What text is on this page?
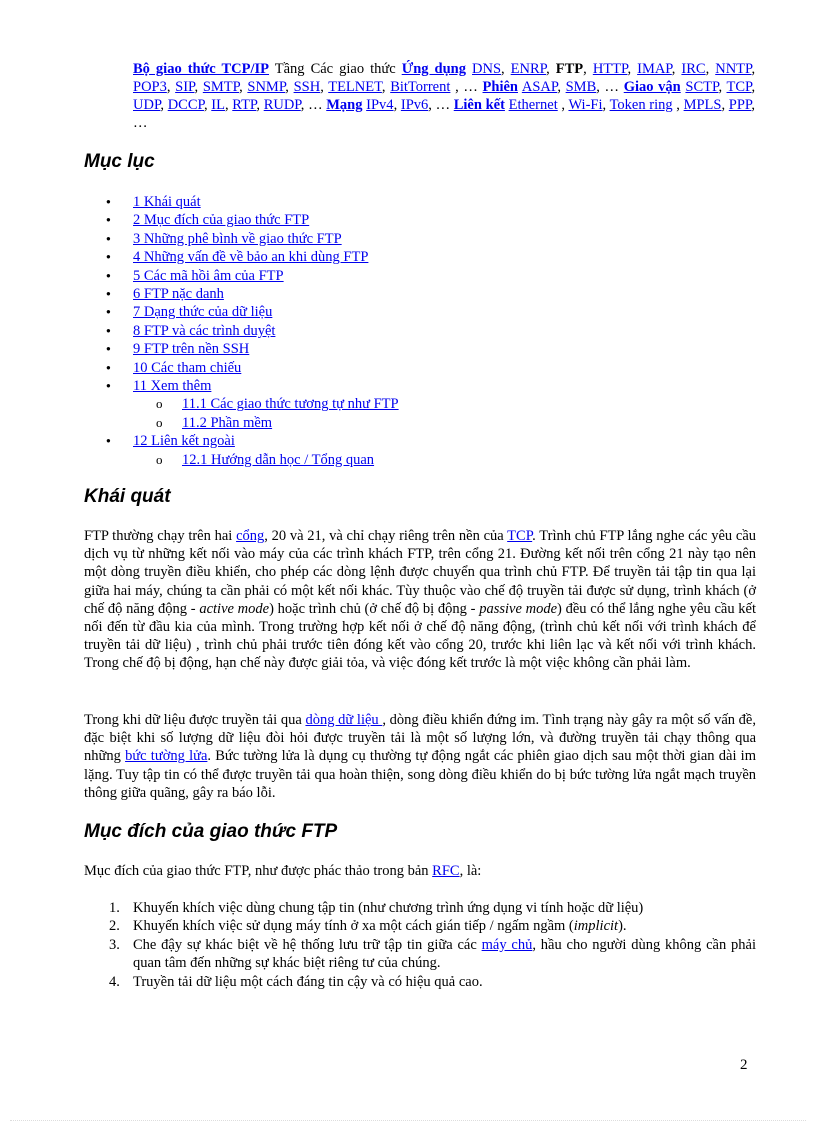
Bộ giao thức TCP/IP Tầng Các giao thức Ứng dụng DNS, ENRP, FTP, HTTP, IMAP, IRC, NNTP, POP3, SIP, SMTP, SNMP, SSH, TELNET, BitTorrent , … Phiên ASAP, SMB, … Giao vận SCTP, TCP, UDP, DCCP, IL, RTP, RUDP, … Mạng IPv4, IPv6, … Liên kết Ethernet , Wi-Fi, Token ring , MPLS, PPP, …
Mục lục
● 1 Khái quát
● 2 Mục đích của giao thức FTP
● 3 Những phê bình về giao thức FTP
● 4 Những vấn đề về bảo an khi dùng FTP
● 5 Các mã hồi âm của FTP
● 6 FTP nặc danh
● 7 Dạng thức của dữ liệu
● 8 FTP và các trình duyệt
● 9 FTP trên nền SSH
● 10 Các tham chiếu
● 11 Xem thêm
o 11.1 Các giao thức tương tự như FTP
o 11.2 Phần mềm
● 12 Liên kết ngoài
o 12.1 Hướng dẫn học / Tổng quan
Khái quát

FTP thường chạy trên hai cổng, 20 và 21, và chỉ chạy riêng trên nền của TCP. Trình chủ FTP lắng nghe các yêu cầu dịch vụ từ những kết nối vào máy của các trình khách FTP, trên cổng 21. Đường kết nối trên cổng 21 này tạo nên một dòng truyền điều khiển, cho phép các dòng lệnh được chuyển qua trình chủ FTP. Để truyền tải tập tin qua lại giữa hai máy, chúng ta cần phải có một kết nối khác. Tùy thuộc vào chế độ truyền tải được sử dụng, trình khách (ở chế độ năng động - active mode) hoặc trình chủ (ở chế độ bị động - passive mode) đều có thể lắng nghe yêu cầu kết nối đến từ đầu kia của mình. Trong trường hợp kết nối ở chế độ năng động, (trình chủ kết nối với trình khách để truyền tải dữ liệu) , trình chủ phải trước tiên đóng kết vào cổng 20, trước khi liên lạc và kết nối với trình khách. Trong chế độ bị động, hạn chế này được giải tỏa, và việc đóng kết trước là một việc không cần phải làm.

Trong khi dữ liệu được truyền tải qua dòng dữ liệu , dòng điều khiển đứng im. Tình trạng này gây ra một số vấn đề, đặc biệt khi số lượng dữ liệu đòi hỏi được truyền tải là một số lượng lớn, và đường truyền tải chạy thông qua những bức tường lửa. Bức tường lửa là dụng cụ thường tự động ngắt các phiên giao dịch sau một thời gian dài im lặng. Tuy tập tin có thể được truyền tải qua hoàn thiện, song dòng điều khiển do bị bức tường lửa ngắt mạch truyền thông giữa quãng, gây ra báo lỗi.

Mục đích của giao thức FTP

Mục đích của giao thức FTP, như được phác thảo trong bản RFC, là:

1. Khuyến khích việc dùng chung tập tin (như chương trình ứng dụng vi tính hoặc dữ liệu)
2. Khuyến khích việc sử dụng máy tính ở xa một cách gián tiếp / ngấm ngầm (implicit).
3. Che đậy sự khác biệt về hệ thống lưu trữ tập tin giữa các máy chủ, hầu cho người dùng không cần phải quan tâm đến những sự khác biệt riêng tư của chúng.
4. Truyền tải dữ liệu một cách đáng tin cậy và có hiệu quả cao.
2
